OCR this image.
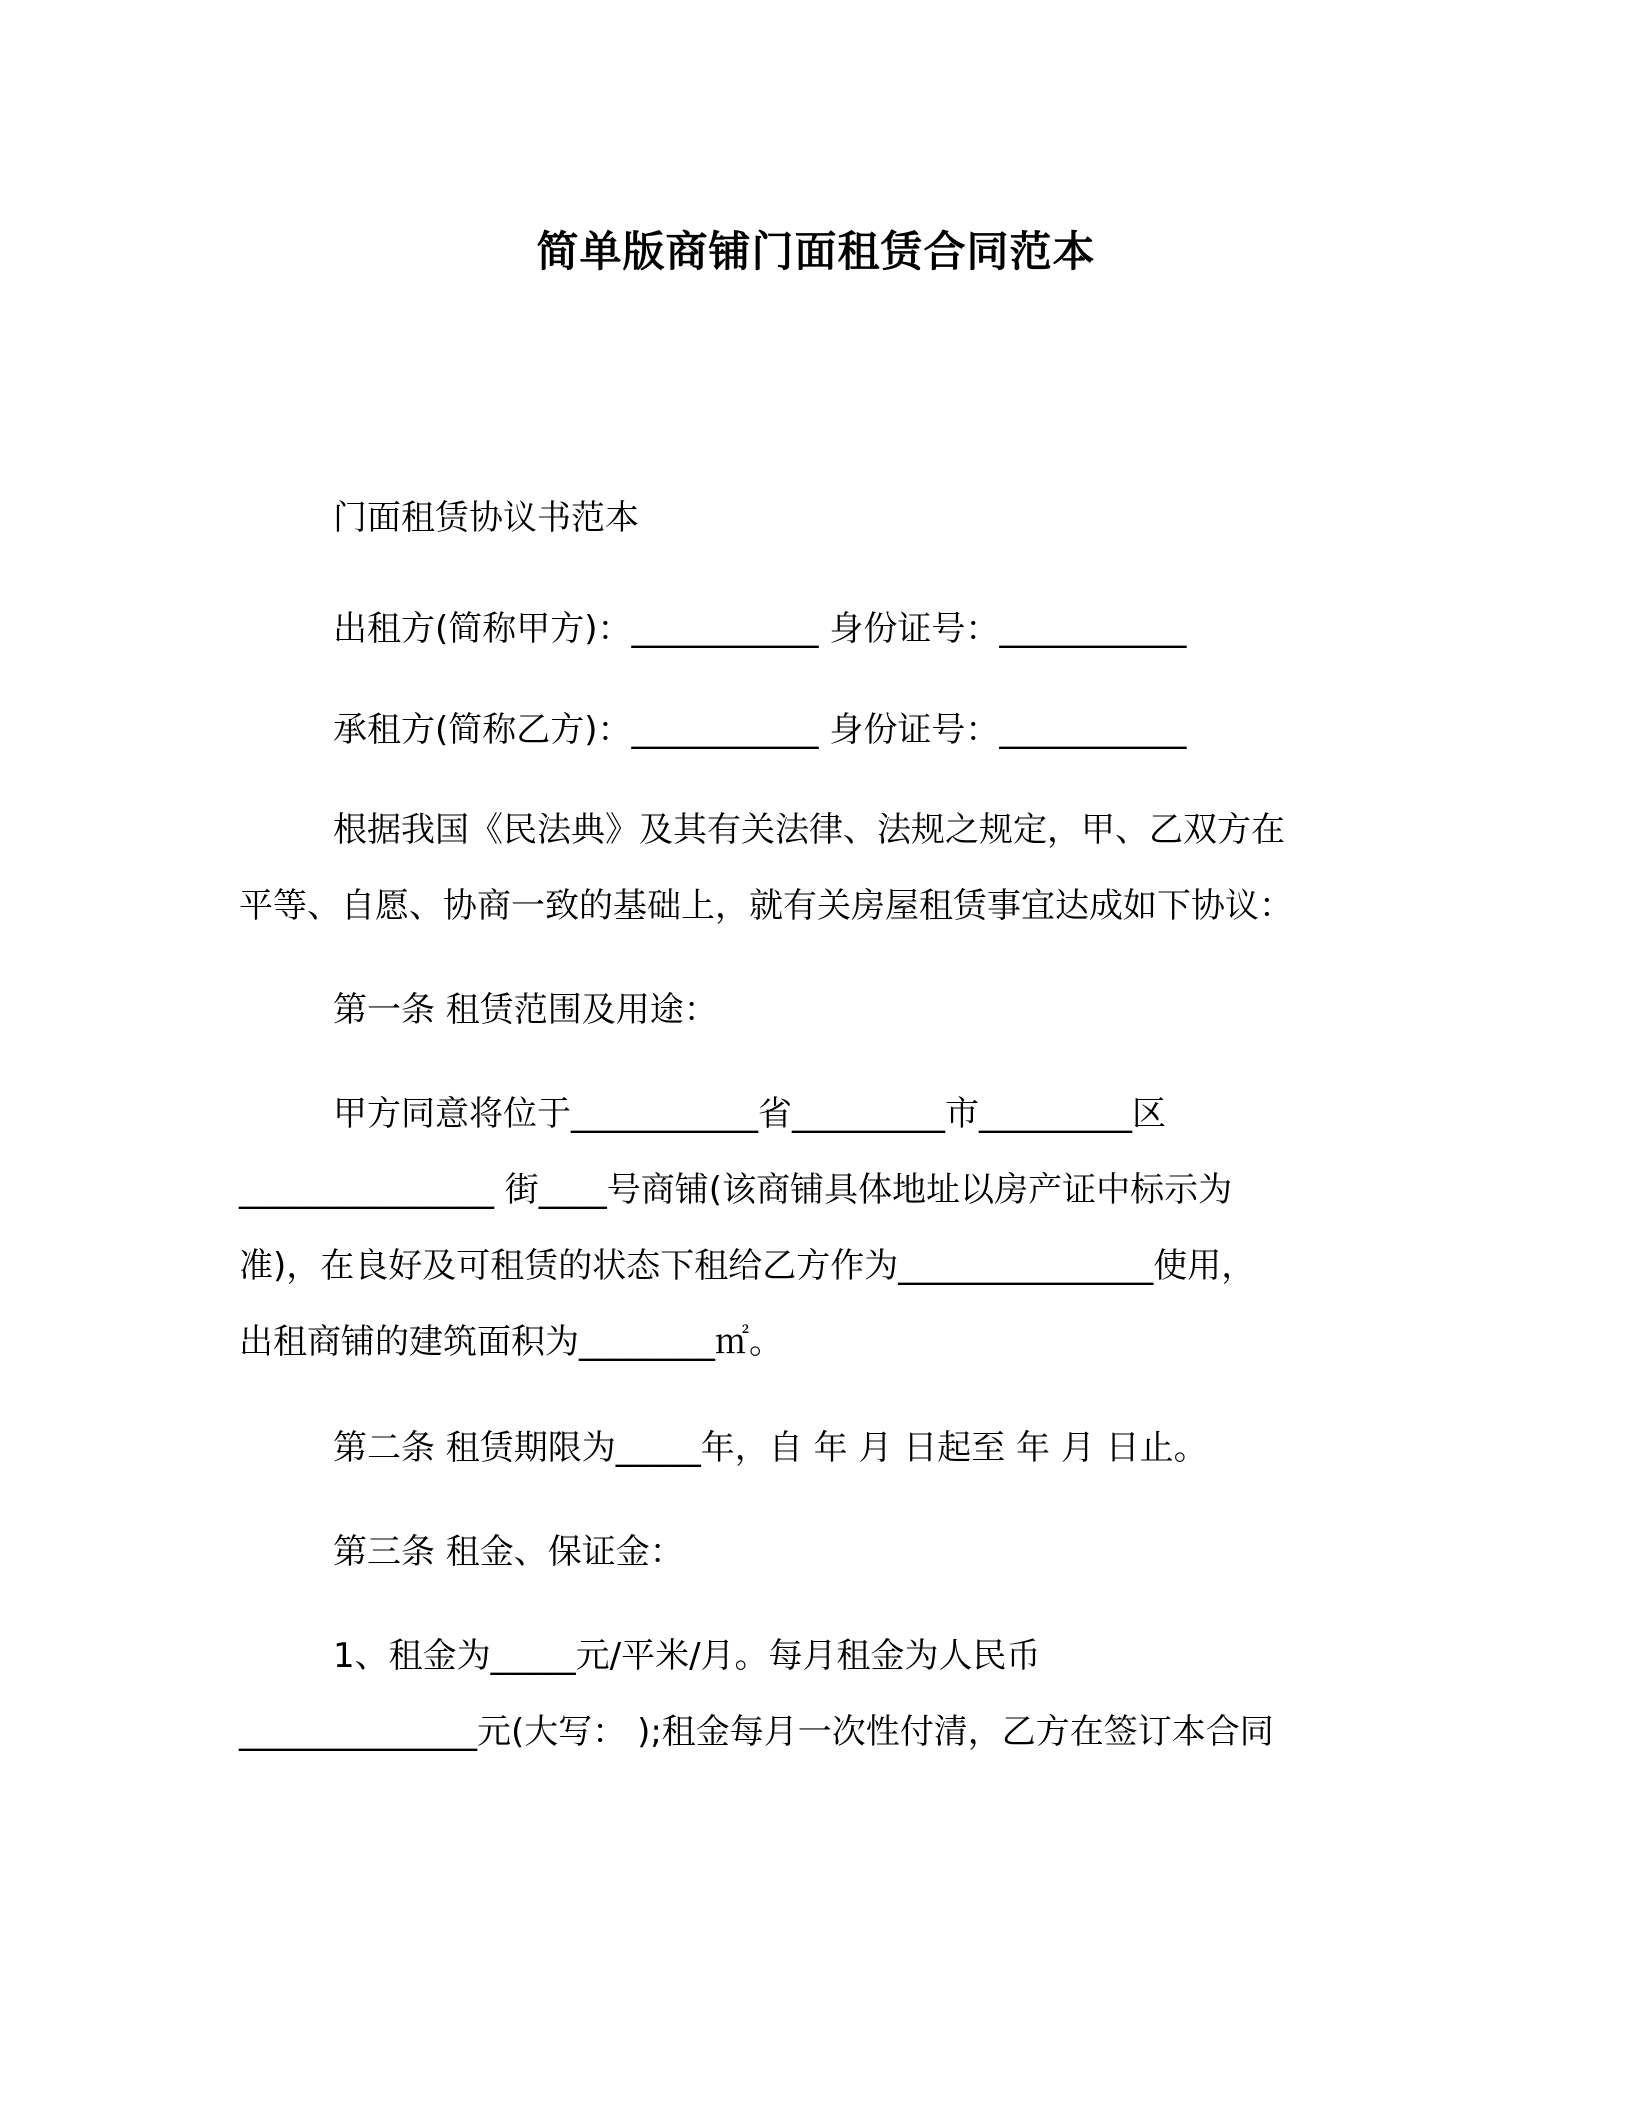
简单版商铺门面租赁合同范本
门面租赁协议书范本
出租方(简称甲方)：___________ 身份证号：___________
承租方(简称乙方)：___________ 身份证号：___________
根据我国《民法典》及其有关法律、法规之规定，甲、乙双方在
平等、自愿、协商一致的基础上，就有关房屋租赁事宜达成如下协议：
第一条 租赁范围及用途：
甲方同意将位于___________省_________市_________区
_______________ 街____号商铺(该商铺具体地址以房产证中标示为
准)，在良好及可租赁的状态下租给乙方作为_______________使用，
出租商铺的建筑面积为________㎡。
第二条 租赁期限为_____年，自 年 月 日起至 年 月 日止。
第三条 租金、保证金：
1、租金为_____元/平米/月。每月租金为人民币
______________元(大写： );租金每月一次性付清，乙方在签订本合同
